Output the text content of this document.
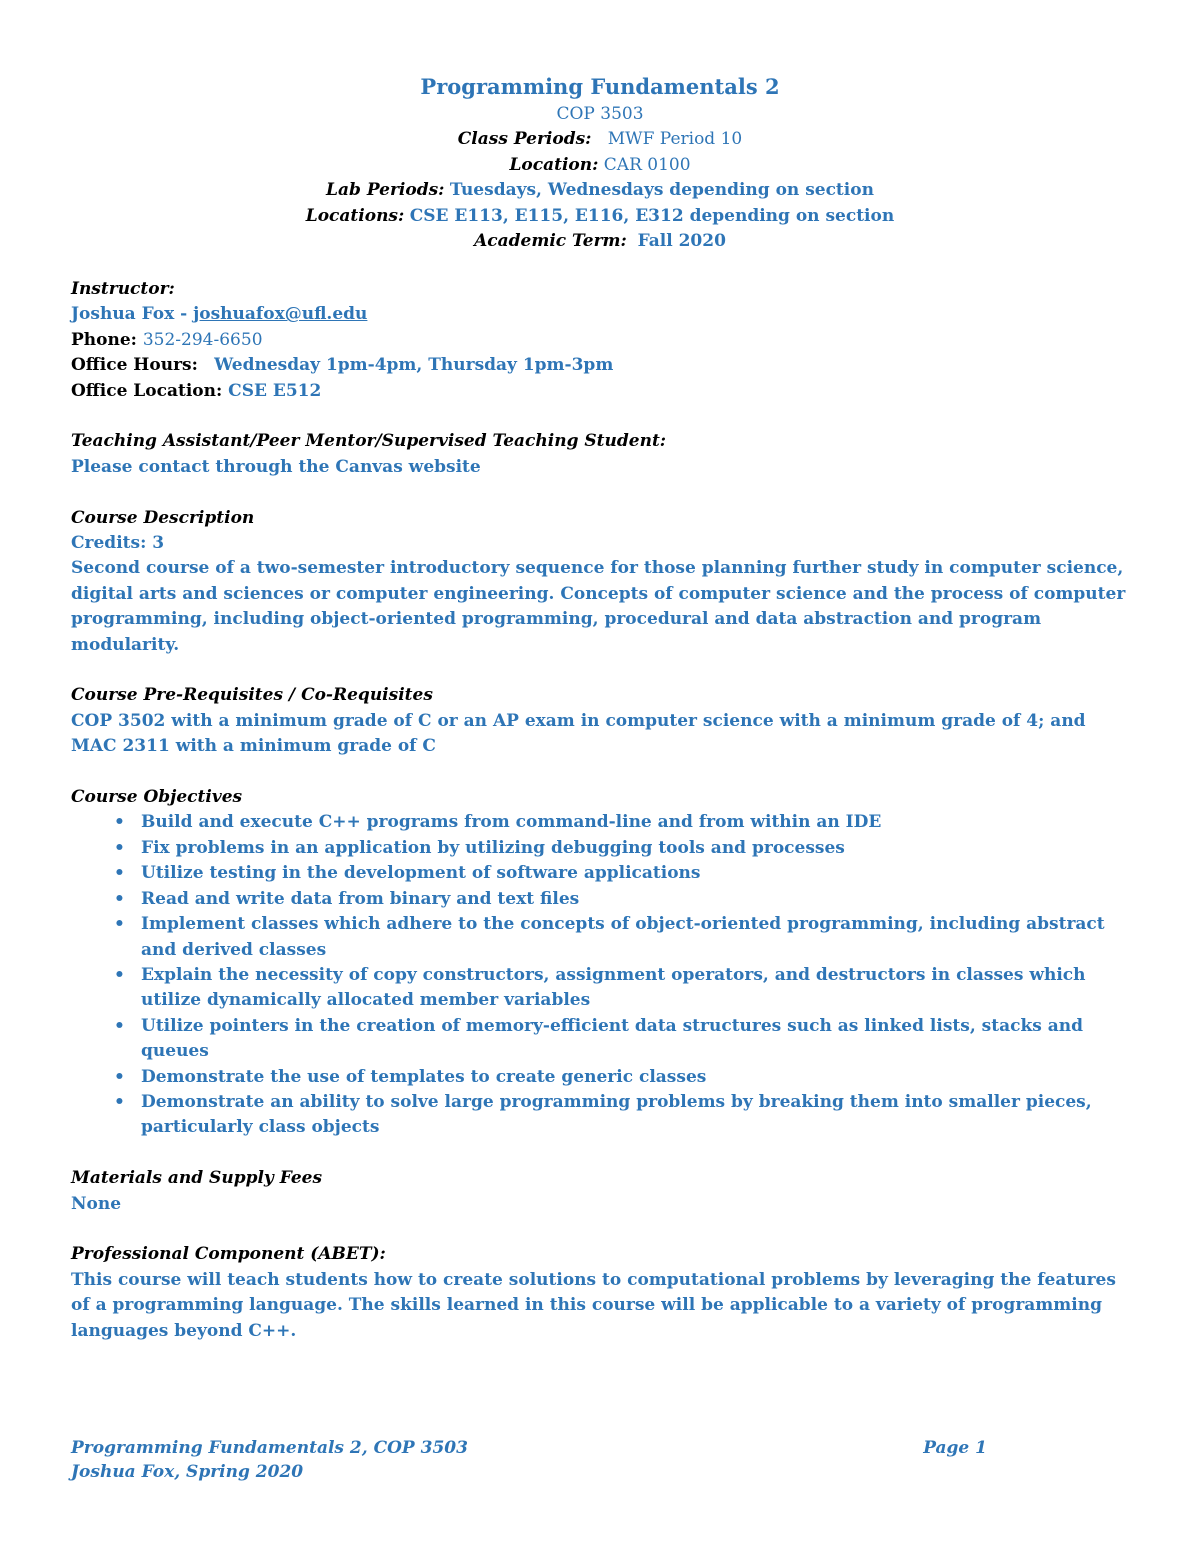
Programming Fundamentals 2
COP 3503
Class Periods: MWF Period 10
Location: CAR 0100
Lab Periods: Tuesdays, Wednesdays depending on section
Locations: CSE E113, E115, E116, E312 depending on section
Academic Term: Fall 2020

Instructor:

Joshua Fox - joshuafox@ufl.edu

Phone: 352-294-6650

Office Hours: Wednesday 1pm-4pm, Thursday 1pm-3pm

Office Location: CSE E512

Teaching Assistant/Peer Mentor/Supervised Teaching Student:

Please contact through the Canvas website

Course Description

Credits: 3

Second course of a two-semester introductory sequence for those planning further study in computer science, digital arts and sciences or computer engineering. Concepts of computer science and the process of computer programming, including object-oriented programming, procedural and data abstraction and program modularity.

Course Pre-Requisites / Co-Requisites

COP 3502 with a minimum grade of C or an AP exam in computer science with a minimum grade of 4; and MAC 2311 with a minimum grade of C

Course Objectives

• Build and execute C++ programs from command-line and from within an IDE
• Fix problems in an application by utilizing debugging tools and processes
• Utilize testing in the development of software applications
• Read and write data from binary and text files
• Implement classes which adhere to the concepts of object-oriented programming, including abstract and derived classes
• Explain the necessity of copy constructors, assignment operators, and destructors in classes which utilize dynamically allocated member variables
• Utilize pointers in the creation of memory-efficient data structures such as linked lists, stacks and queues
• Demonstrate the use of templates to create generic classes
• Demonstrate an ability to solve large programming problems by breaking them into smaller pieces, particularly class objects

Materials and Supply Fees

None

Professional Component (ABET):

This course will teach students how to create solutions to computational problems by leveraging the features of a programming language. The skills learned in this course will be applicable to a variety of programming languages beyond C++.

Programming Fundamentals 2, COP 3503	Page 1
Joshua Fox, Spring 2020
